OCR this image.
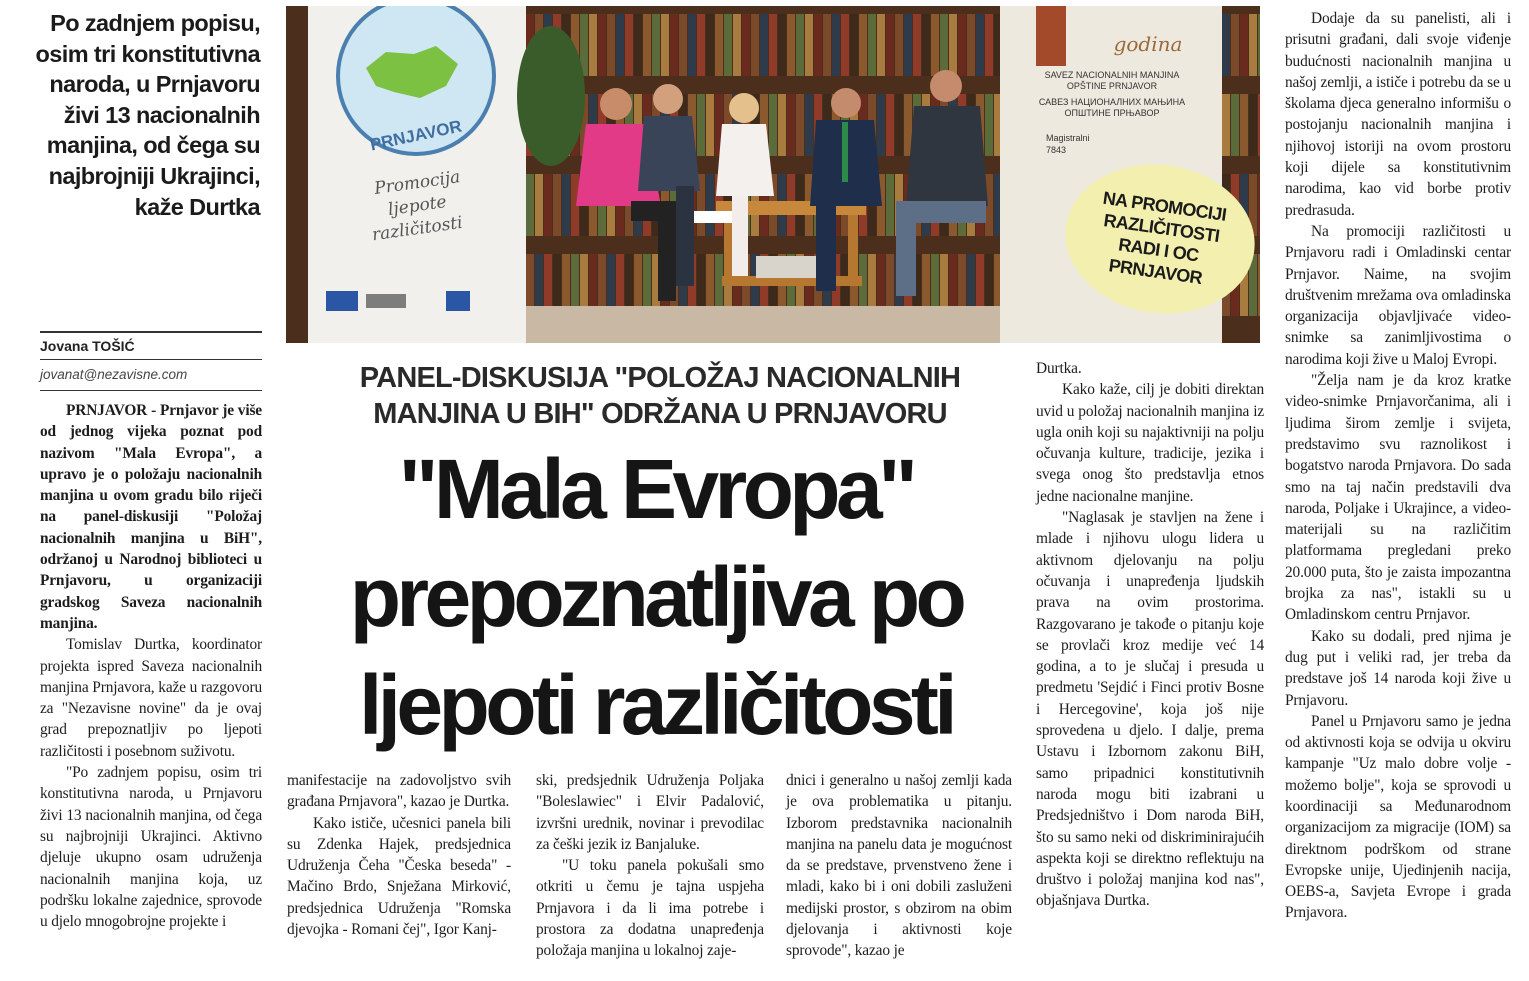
Po zadnjem popisu, osim tri konstitutivna naroda, u Prnjavoru živi 13 nacionalnih manjina, od čega su najbrojniji Ukrajinci, kaže Durtka
Jovana TOŠIĆ
jovanat@nezavisne.com
PRNJAVOR
Promocija
ljepote
različitosti
godina
SAVEZ NACIONALNIH MANJINA
OPŠTINE PRNJAVOR
САВЕЗ НАЦИОНАЛНИХ МАЊИНА
ОПШТИНЕ ПРЊАВОР
Magistralni
7843
NA PROMOCIJI
RAZLIČITOSTI
RADI I OC
PRNJAVOR
PANEL-DISKUSIJA "POLOŽAJ NACIONALNIH
MANJINA U BIH" ODRŽANA U PRNJAVORU
"Mala Evropa"
prepoznatljiva po
ljepoti različitosti

PRNJAVOR - Prnjavor je više od jednog vijeka poznat pod nazivom "Mala Evropa", a upravo je o položaju nacionalnih manjina u ovom gradu bilo riječi na panel-diskusiji "Položaj nacionalnih manjina u BiH", održanoj u Narodnoj biblioteci u Prnjavoru, u organizaciji gradskog Saveza nacionalnih manjina.

Tomislav Durtka, koordinator projekta ispred Saveza nacionalnih manjina Prnjavora, kaže u razgovoru za "Nezavisne novine" da je ovaj grad prepoznatljiv po ljepoti različitosti i posebnom suživotu.

"Po zadnjem popisu, osim tri konstitutivna naroda, u Prnjavoru živi 13 nacionalnih manjina, od čega su najbrojniji Ukrajinci. Aktivno djeluje ukupno osam udruženja nacionalnih manjina koja, uz podršku lokalne zajednice, sprovode u djelo mnogobrojne projekte i

manifestacije na zadovoljstvo svih građana Prnjavora", kazao je Durtka.

Kako ističe, učesnici panela bili su Zdenka Hajek, predsjednica Udruženja Čeha "Česka beseda" - Mačino Brdo, Snježana Mirković, predsjednica Udruženja "Romska djevojka - Romani čej", Igor Kanj-

ski, predsjednik Udruženja Poljaka "Boleslawiec" i Elvir Padalović, izvršni urednik, novinar i prevodilac za češki jezik iz Banjaluke.

"U toku panela pokušali smo otkriti u čemu je tajna uspjeha Prnjavora i da li ima potrebe i prostora za dodatna unapređenja položaja manjina u lokalnoj zaje-

dnici i generalno u našoj zemlji kada je ova problematika u pitanju. Izborom predstavnika nacionalnih manjina na panelu data je mogućnost da se predstave, prvenstveno žene i mladi, kako bi i oni dobili zasluženi medijski prostor, s obzirom na obim djelovanja i aktivnosti koje sprovode", kazao je

Durtka.

Kako kaže, cilj je dobiti direktan uvid u položaj nacionalnih manjina iz ugla onih koji su najaktivniji na polju očuvanja kulture, tradicije, jezika i svega onog što predstavlja etnos jedne nacionalne manjine.

"Naglasak je stavljen na žene i mlade i njihovu ulogu lidera u aktivnom djelovanju na polju očuvanja i unapređenja ljudskih prava na ovim prostorima. Razgovarano je takođe o pitanju koje se provlači kroz medije već 14 godina, a to je slučaj i presuda u predmetu 'Sejdić i Finci protiv Bosne i Hercegovine', koja još nije sprovedena u djelo. I dalje, prema Ustavu i Izbornom zakonu BiH, samo pripadnici konstitutivnih naroda mogu biti izabrani u Predsjedništvo i Dom naroda BiH, što su samo neki od diskriminirajućih aspekta koji se direktno reflektuju na društvo i položaj manjina kod nas", objašnjava Durtka.

Dodaje da su panelisti, ali i prisutni građani, dali svoje viđenje budućnosti nacionalnih manjina u našoj zemlji, a ističe i potrebu da se u školama djeca generalno informišu o postojanju nacionalnih manjina i njihovoj istoriji na ovom prostoru koji dijele sa konstitutivnim narodima, kao vid borbe protiv predrasuda.

Na promociji različitosti u Prnjavoru radi i Omladinski centar Prnjavor. Naime, na svojim društvenim mrežama ova omladinska organizacija objavljivaće video-snimke sa zanimljivostima o narodima koji žive u Maloj Evropi.

"Želja nam je da kroz kratke video-snimke Prnjavorčanima, ali i ljudima širom zemlje i svijeta, predstavimo svu raznolikost i bogatstvo naroda Prnjavora. Do sada smo na taj način predstavili dva naroda, Poljake i Ukrajince, a video-materijali su na različitim platformama pregledani preko 20.000 puta, što je zaista impozantna brojka za nas", istakli su u Omladinskom centru Prnjavor.

Kako su dodali, pred njima je dug put i veliki rad, jer treba da predstave još 14 naroda koji žive u Prnjavoru.

Panel u Prnjavoru samo je jedna od aktivnosti koja se odvija u okviru kampanje "Uz malo dobre volje - možemo bolje", koja se sprovodi u koordinaciji sa Međunarodnom organizacijom za migracije (IOM) sa direktnom podrškom od strane Evropske unije, Ujedinjenih nacija, OEBS-a, Savjeta Evrope i grada Prnjavora.
